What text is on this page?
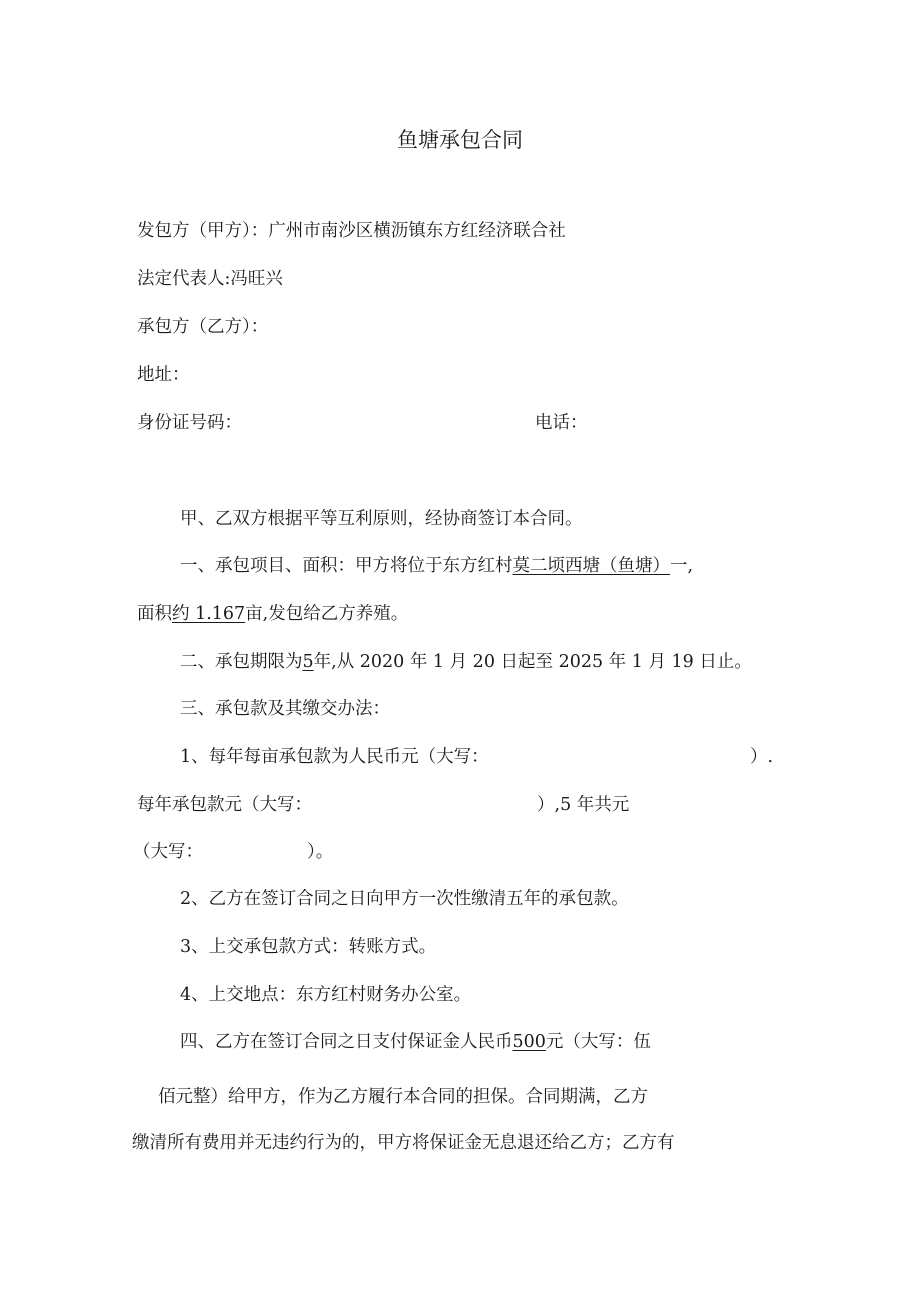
鱼塘承包合同
发包方（甲方）：广州市南沙区横沥镇东方红经济联合社
法定代表人:冯旺兴
承包方（乙方）：
地址：
身份证号码：	电话：
甲、乙双方根据平等互利原则，经协商签订本合同。
一、承包项目、面积：甲方将位于东方红村莫二顷西塘（鱼塘）一,
面积约 1.167亩,发包给乙方养殖。
二、承包期限为5年,从 2020 年 1 月 20 日起至 2025 年 1 月 19 日止。
三、承包款及其缴交办法：
1、每年每亩承包款为人民币元（大写：	）.
每年承包款元（大写：	）,5 年共元
（大写：	）。
2、乙方在签订合同之日向甲方一次性缴清五年的承包款。
3、上交承包款方式：转账方式。
4、上交地点：东方红村财务办公室。
四、乙方在签订合同之日支付保证金人民币500元（大写：伍
佰元整）给甲方，作为乙方履行本合同的担保。合同期满，乙方
缴清所有费用并无违约行为的，甲方将保证金无息退还给乙方；乙方有
